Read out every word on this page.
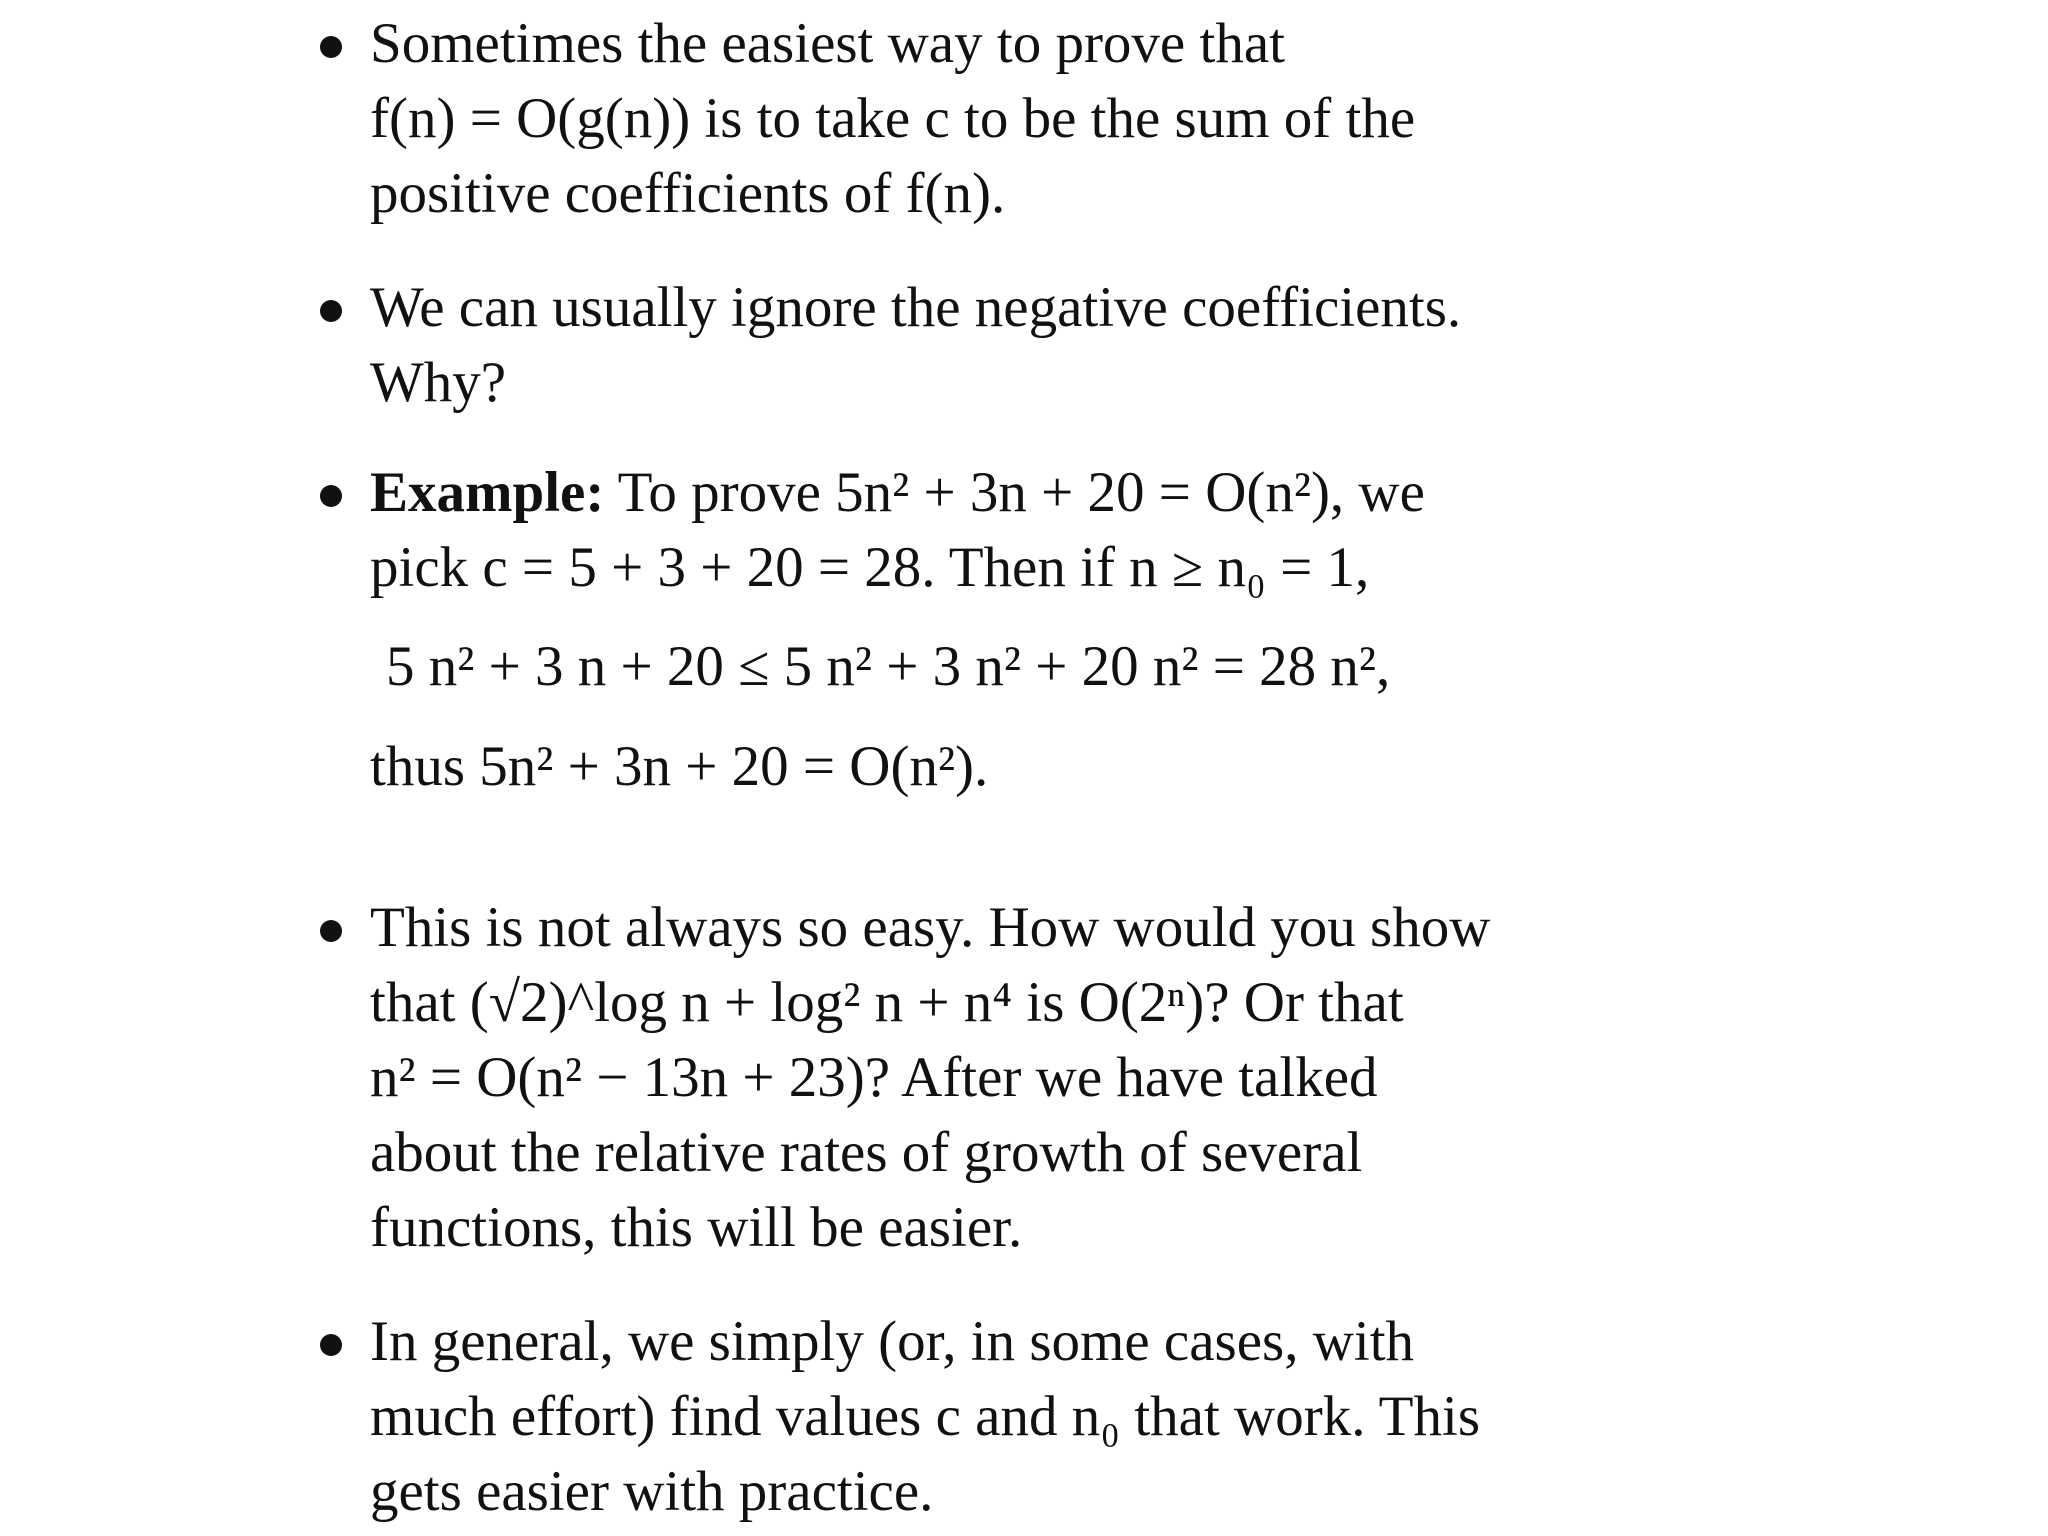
Sometimes the easiest way to prove that
f(n) = O(g(n)) is to take c to be the sum of the
positive coefficients of f(n).
We can usually ignore the negative coefficients.
Why?
Example: To prove 5n² + 3n + 20 = O(n²), we
pick c = 5 + 3 + 20 = 28. Then if n ≥ n₀ = 1,
5 n² + 3 n + 20 ≤ 5 n² + 3 n² + 20 n² = 28 n²,
thus 5n² + 3n + 20 = O(n²).
This is not always so easy. How would you show
that (√2)^log n + log² n + n⁴ is O(2ⁿ)? Or that
n² = O(n² − 13n + 23)? After we have talked
about the relative rates of growth of several
functions, this will be easier.
In general, we simply (or, in some cases, with
much effort) find values c and n₀ that work. This
gets easier with practice.
